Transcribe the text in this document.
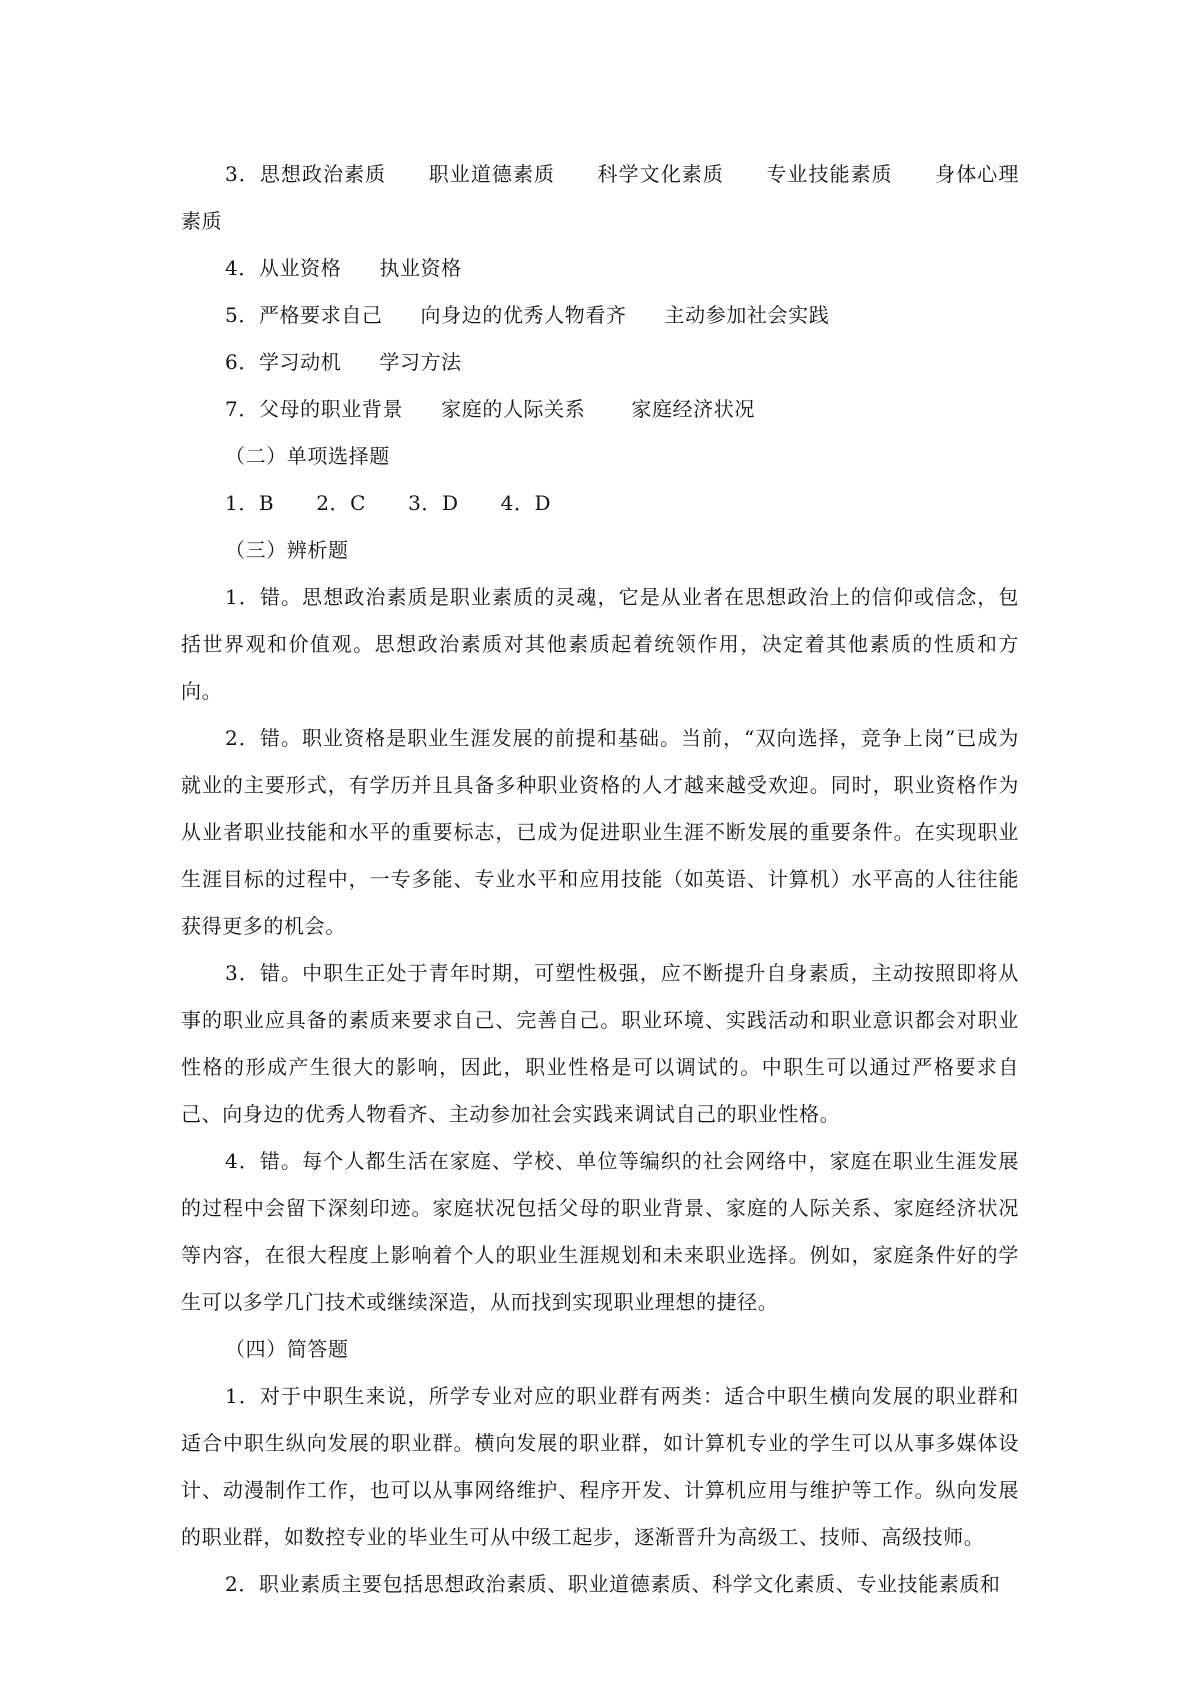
3．思想政治素质 职业道德素质 科学文化素质 专业技能素质 身体心理素质

4．从业资格 执业资格

5．严格要求自己 向身边的优秀人物看齐 主动参加社会实践

6．学习动机 学习方法

7．父母的职业背景 家庭的人际关系 家庭经济状况

（二）单项选择题

1．B 2．C 3．D 4．D

（三）辨析题

1．错。思想政治素质是职业素质的灵魂，它是从业者在思想政治上的信仰或信念，包括世界观和价值观。思想政治素质对其他素质起着统领作用，决定着其他素质的性质和方向。

2．错。职业资格是职业生涯发展的前提和基础。当前，“双向选择，竞争上岗”已成为就业的主要形式，有学历并且具备多种职业资格的人才越来越受欢迎。同时，职业资格作为从业者职业技能和水平的重要标志，已成为促进职业生涯不断发展的重要条件。在实现职业生涯目标的过程中，一专多能、专业水平和应用技能（如英语、计算机）水平高的人往往能获得更多的机会。

3．错。中职生正处于青年时期，可塑性极强，应不断提升自身素质，主动按照即将从事的职业应具备的素质来要求自己、完善自己。职业环境、实践活动和职业意识都会对职业性格的形成产生很大的影响，因此，职业性格是可以调试的。中职生可以通过严格要求自己、向身边的优秀人物看齐、主动参加社会实践来调试自己的职业性格。

4．错。每个人都生活在家庭、学校、单位等编织的社会网络中，家庭在职业生涯发展的过程中会留下深刻印迹。家庭状况包括父母的职业背景、家庭的人际关系、家庭经济状况等内容，在很大程度上影响着个人的职业生涯规划和未来职业选择。例如，家庭条件好的学生可以多学几门技术或继续深造，从而找到实现职业理想的捷径。

（四）简答题

1．对于中职生来说，所学专业对应的职业群有两类：适合中职生横向发展的职业群和适合中职生纵向发展的职业群。横向发展的职业群，如计算机专业的学生可以从事多媒体设计、动漫制作工作，也可以从事网络维护、程序开发、计算机应用与维护等工作。纵向发展的职业群，如数控专业的毕业生可从中级工起步，逐渐晋升为高级工、技师、高级技师。

2．职业素质主要包括思想政治素质、职业道德素质、科学文化素质、专业技能素质和
